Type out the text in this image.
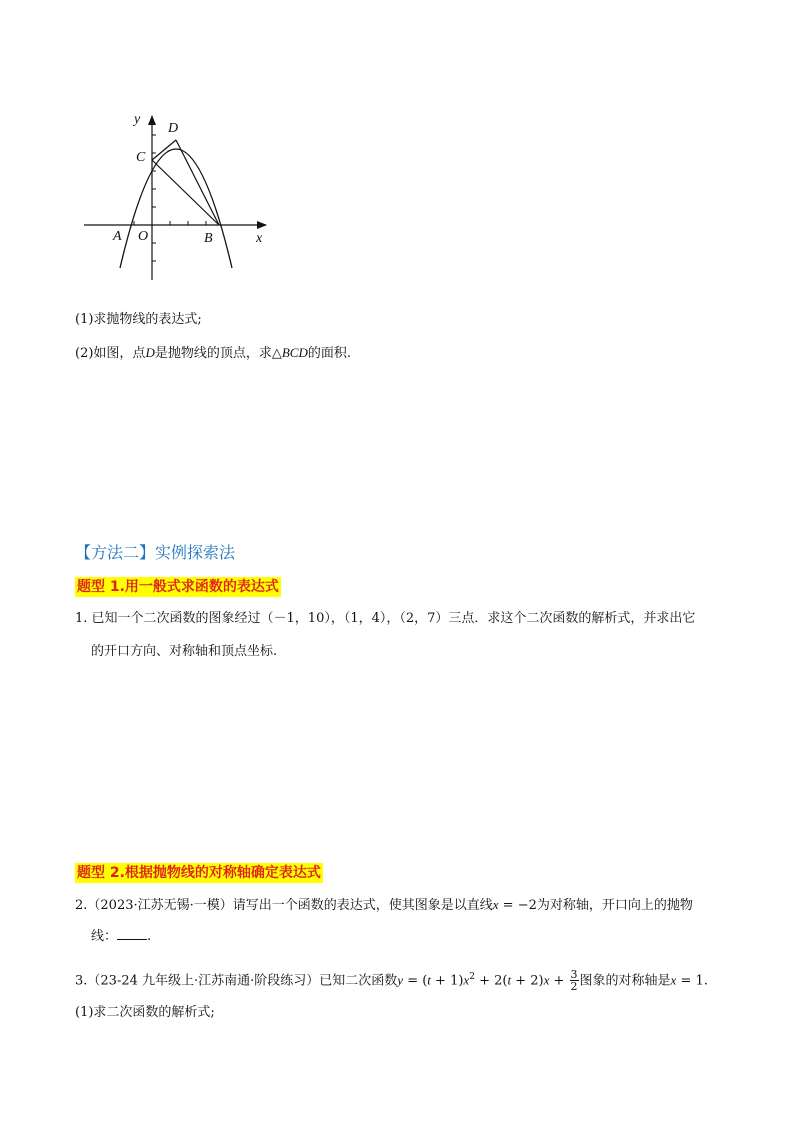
y
D
C
A O	B	x
(1)求抛物线的表达式;
(2)如图，点D是抛物线的顶点，求△BCD的面积.
【方法二】实例探索法
题型 1.用一般式求函数的表达式
1. 已知一个二次函数的图象经过（－1，10），（1，4），（2，7）三点．求这个二次函数的解析式，并求出它
的开口方向、对称轴和顶点坐标.
题型 2.根据抛物线的对称轴确定表达式
2.（2023·江苏无锡·一模）请写出一个函数的表达式，使其图象是以直线x = −2为对称轴，开口向上的抛物
线： .
3.（23-24 九年级上·江苏南通·阶段练习）已知二次函数$y = (t + 1)x^2 + 2(t + 2)x + \frac{3}{2}$ 图象的对称轴是x = 1.
(1)求二次函数的解析式;
